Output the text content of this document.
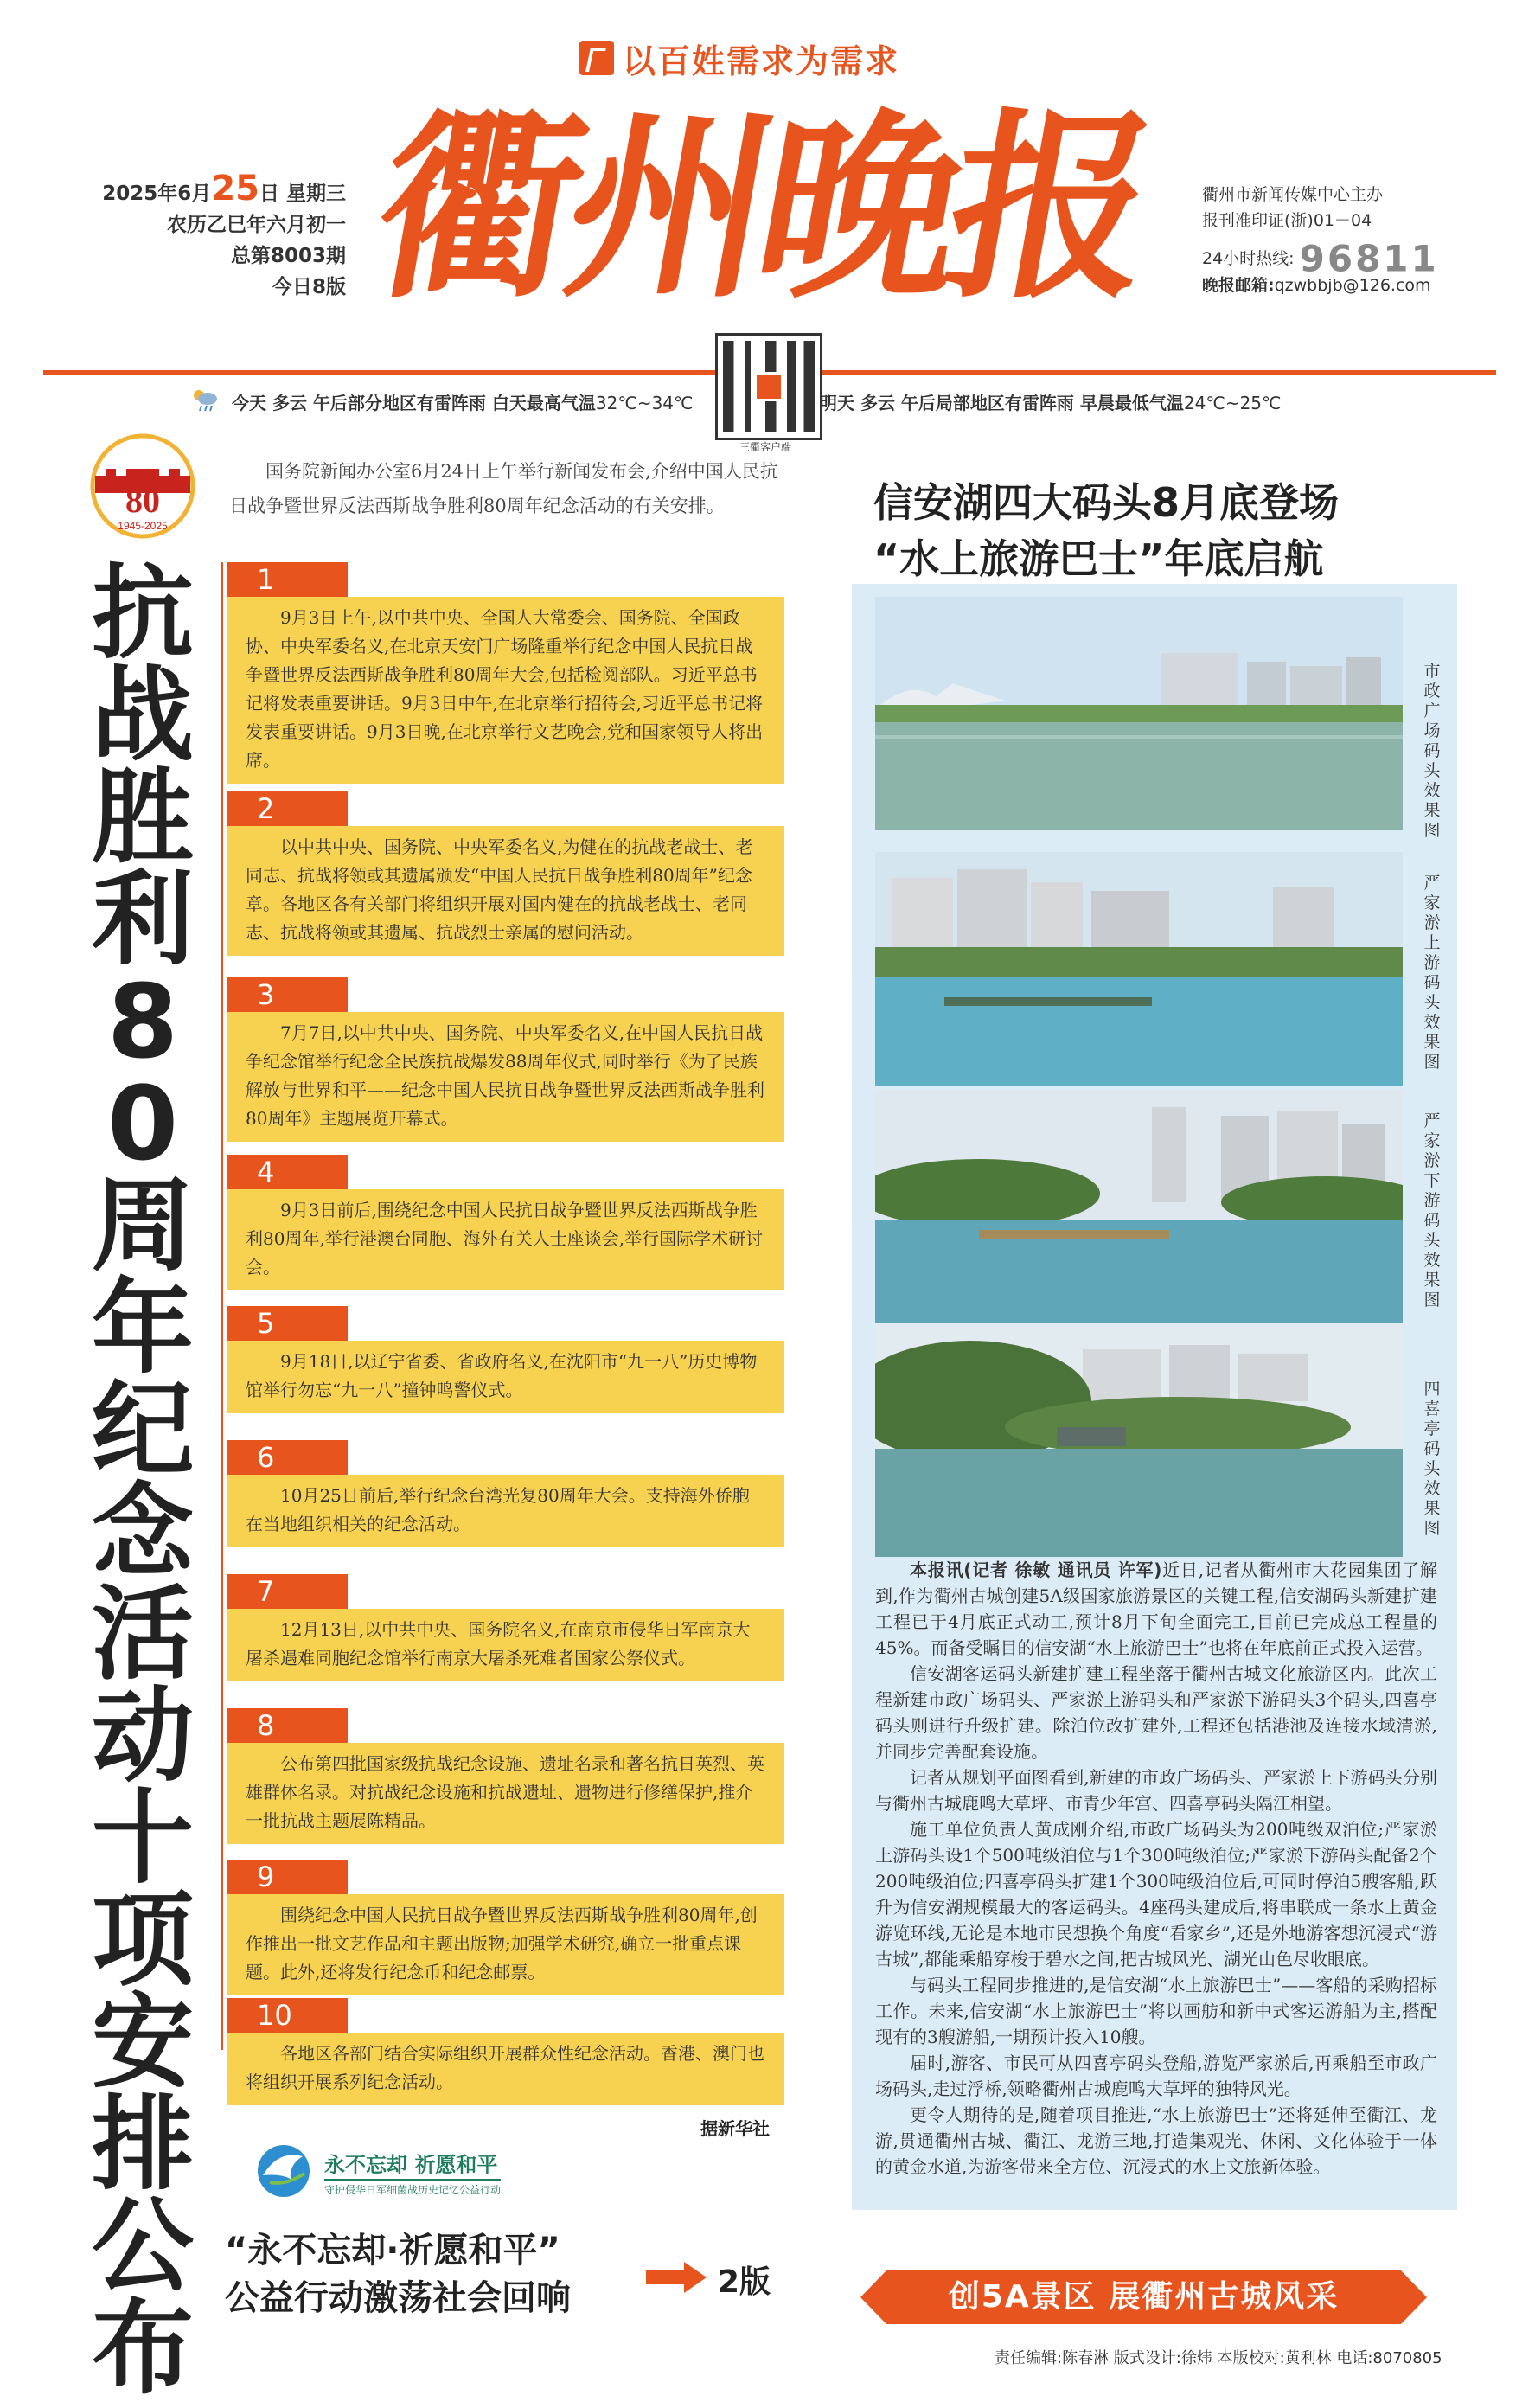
以百姓需求为需求
2025年6月25日 星期三
农历乙巳年六月初一
总第8003期
今日8版 衢州晚报 衢州市新闻传媒中心主办
报刊准印证(浙)01－04
24小时热线: 96811
晚报邮箱:qzwbbjb@126.com
三衢客户端
今天 多云 午后部分地区有雷阵雨 白天最高气温32℃~34℃	明天 多云 午后局部地区有雷阵雨 早晨最低气温24℃~25℃
80
1945-2025
抗战胜利80周年纪念活动十项安排公布
国务院新闻办公室6月24日上午举行新闻发布会,介绍中国人民抗日战争暨世界反法西斯战争胜利80周年纪念活动的有关安排。
1
9月3日上午,以中共中央、全国人大常委会、国务院、全国政协、中央军委名义,在北京天安门广场隆重举行纪念中国人民抗日战争暨世界反法西斯战争胜利80周年大会,包括检阅部队。习近平总书记将发表重要讲话。9月3日中午,在北京举行招待会,习近平总书记将发表重要讲话。9月3日晚,在北京举行文艺晚会,党和国家领导人将出席。
2
以中共中央、国务院、中央军委名义,为健在的抗战老战士、老同志、抗战将领或其遗属颁发“中国人民抗日战争胜利80周年”纪念章。各地区各有关部门将组织开展对国内健在的抗战老战士、老同志、抗战将领或其遗属、抗战烈士亲属的慰问活动。
3
7月7日,以中共中央、国务院、中央军委名义,在中国人民抗日战争纪念馆举行纪念全民族抗战爆发88周年仪式,同时举行《为了民族解放与世界和平——纪念中国人民抗日战争暨世界反法西斯战争胜利80周年》主题展览开幕式。
4
9月3日前后,围绕纪念中国人民抗日战争暨世界反法西斯战争胜利80周年,举行港澳台同胞、海外有关人士座谈会,举行国际学术研讨会。
5
9月18日,以辽宁省委、省政府名义,在沈阳市“九一八”历史博物馆举行勿忘“九一八”撞钟鸣警仪式。
6
10月25日前后,举行纪念台湾光复80周年大会。支持海外侨胞在当地组织相关的纪念活动。
7
12月13日,以中共中央、国务院名义,在南京市侵华日军南京大屠杀遇难同胞纪念馆举行南京大屠杀死难者国家公祭仪式。
8
公布第四批国家级抗战纪念设施、遗址名录和著名抗日英烈、英雄群体名录。对抗战纪念设施和抗战遗址、遗物进行修缮保护,推介一批抗战主题展陈精品。
9
围绕纪念中国人民抗日战争暨世界反法西斯战争胜利80周年,创作推出一批文艺作品和主题出版物;加强学术研究,确立一批重点课题。此外,还将发行纪念币和纪念邮票。
10
各地区各部门结合实际组织开展群众性纪念活动。香港、澳门也将组织开展系列纪念活动。
据新华社
永不忘却 祈愿和平
守护侵华日军细菌战历史记忆公益行动
“永不忘却·祈愿和平”
公益行动激荡社会回响	2版
信安湖四大码头8月底登场
“水上旅游巴士”年底启航
市政广场码头效果图
严家淤上游码头效果图
严家淤下游码头效果图
四喜亭码头效果图

本报讯(记者 徐敏 通讯员 许军)近日,记者从衢州市大花园集团了解到,作为衢州古城创建5A级国家旅游景区的关键工程,信安湖码头新建扩建工程已于4月底正式动工,预计8月下旬全面完工,目前已完成总工程量的45%。而备受瞩目的信安湖“水上旅游巴士”也将在年底前正式投入运营。

信安湖客运码头新建扩建工程坐落于衢州古城文化旅游区内。此次工程新建市政广场码头、严家淤上游码头和严家淤下游码头3个码头,四喜亭码头则进行升级扩建。除泊位改扩建外,工程还包括港池及连接水域清淤,并同步完善配套设施。

记者从规划平面图看到,新建的市政广场码头、严家淤上下游码头分别与衢州古城鹿鸣大草坪、市青少年宫、四喜亭码头隔江相望。

施工单位负责人黄成刚介绍,市政广场码头为200吨级双泊位;严家淤上游码头设1个500吨级泊位与1个300吨级泊位;严家淤下游码头配备2个200吨级泊位;四喜亭码头扩建1个300吨级泊位后,可同时停泊5艘客船,跃升为信安湖规模最大的客运码头。4座码头建成后,将串联成一条水上黄金游览环线,无论是本地市民想换个角度“看家乡”,还是外地游客想沉浸式“游古城”,都能乘船穿梭于碧水之间,把古城风光、湖光山色尽收眼底。

与码头工程同步推进的,是信安湖“水上旅游巴士”——客船的采购招标工作。未来,信安湖“水上旅游巴士”将以画舫和新中式客运游船为主,搭配现有的3艘游船,一期预计投入10艘。

届时,游客、市民可从四喜亭码头登船,游览严家淤后,再乘船至市政广场码头,走过浮桥,领略衢州古城鹿鸣大草坪的独特风光。

更令人期待的是,随着项目推进,“水上旅游巴士”还将延伸至衢江、龙游,贯通衢州古城、衢江、龙游三地,打造集观光、休闲、文化体验于一体的黄金水道,为游客带来全方位、沉浸式的水上文旅新体验。

创5A景区 展衢州古城风采
责任编辑:陈春淋 版式设计:徐炜 本版校对:黄利林 电话:8070805
